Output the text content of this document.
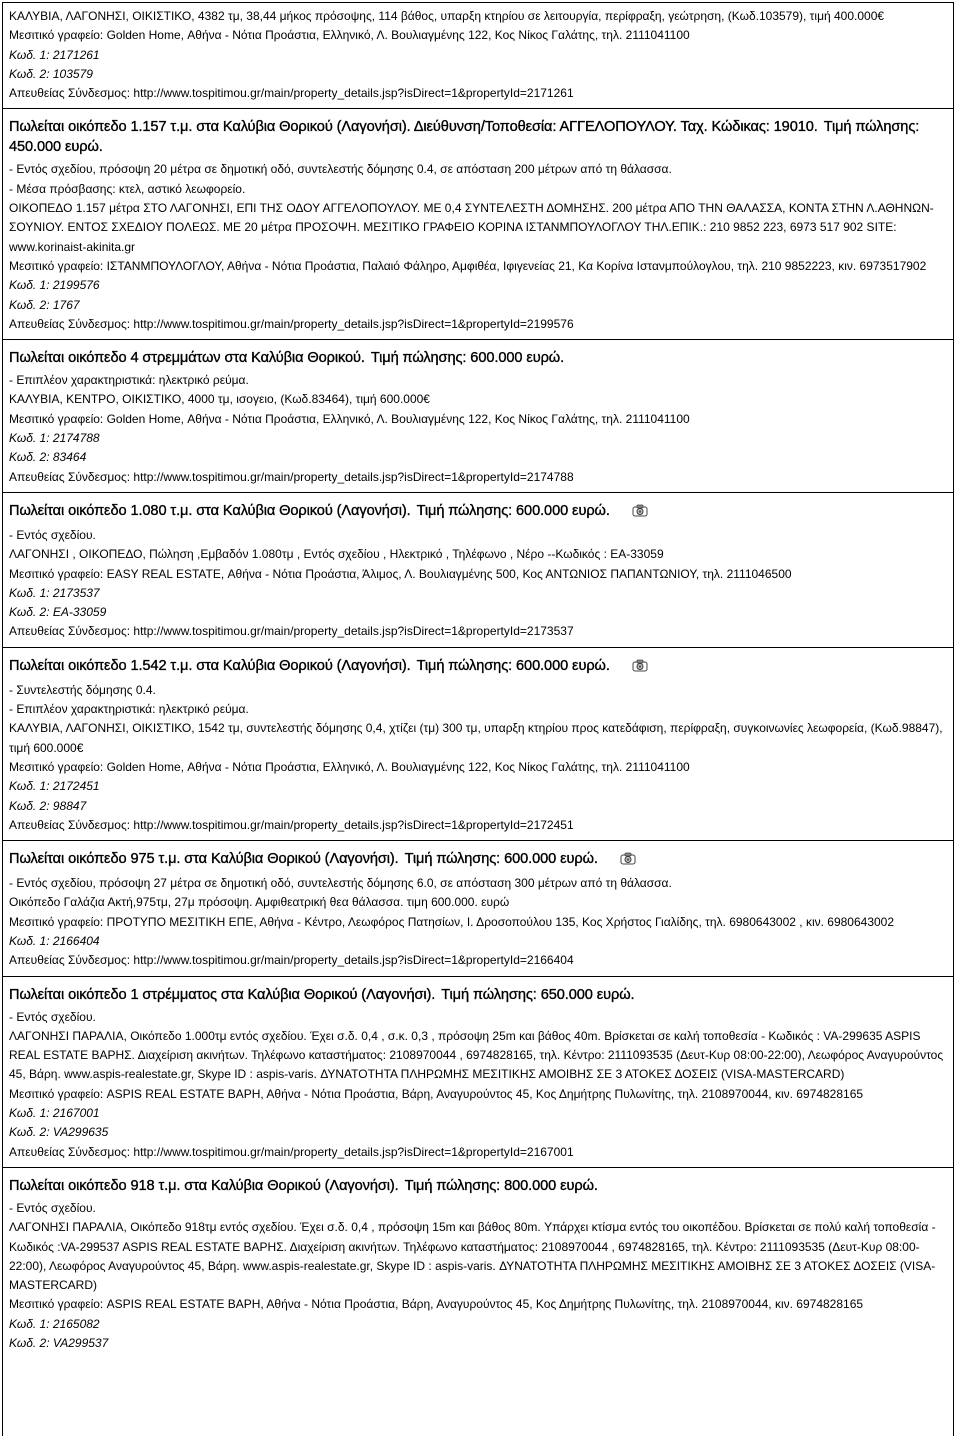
ΚΑΛΥΒΙΑ, ΛΑΓΟΝΗΣΙ, ΟΙΚΙΣΤΙΚΟ, 4382 τμ, 38,44 μήκος πρόσοψης, 114 βάθος, υπαρξη κτηρίου σε λειτουργία, περίφραξη, γεώτρηση, (Κωδ.103579), τιμή 400.000€
Μεσιτικό γραφείο: Golden Home, Αθήνα - Νότια Προάστια, Ελληνικό, Λ. Βουλιαγμένης 122, Κος Νίκος Γαλάτης, τηλ. 2111041100
Κωδ. 1: 2171261
Κωδ. 2: 103579
Απευθείας Σύνδεσμος: http://www.tospitimou.gr/main/property_details.jsp?isDirect=1&propertyId=2171261
Πωλείται οικόπεδο 1.157 τ.μ. στα Καλύβια Θορικού (Λαγονήσι). Διεύθυνση/Τοποθεσία: ΑΓΓΕΛΟΠΟΥΛΟΥ. Ταχ. Κώδικας: 19010. Τιμή πώλησης: 450.000 ευρώ.
- Εντός σχεδίου, πρόσοψη 20 μέτρα σε δημοτική οδό, συντελεστής δόμησης 0.4, σε απόσταση 200 μέτρων από τη θάλασσα.
- Μέσα πρόσβασης: κτελ, αστικό λεωφορείο.
ΟΙΚΟΠΕΔΟ 1.157 μέτρα ΣΤΟ ΛΑΓΟΝΗΣΙ, ΕΠΙ ΤΗΣ ΟΔΟΥ ΑΓΓΕΛΟΠΟΥΛΟΥ. ΜΕ 0,4 ΣΥΝΤΕΛΕΣΤΗ ΔΟΜΗΣΗΣ. 200 μέτρα ΑΠΟ ΤΗΝ ΘΑΛΑΣΣΑ, ΚΟΝΤΑ ΣΤΗΝ Λ.ΑΘΗΝΩΝ-ΣΟΥΝΙΟΥ. ΕΝΤΟΣ ΣΧΕΔΙΟΥ ΠΟΛΕΩΣ. ΜΕ 20 μέτρα ΠΡΟΣΟΨΗ. ΜΕΣΙΤΙΚΟ ΓΡΑΦΕΙΟ ΚΟΡΙΝΑ ΙΣΤΑΝΜΠΟΥΛΟΓΛΟΥ ΤΗΛ.ΕΠΙΚ.: 210 9852 223, 6973 517 902 SITE: www.korinaist-akinita.gr
Μεσιτικό γραφείο: ΙΣΤΑΝΜΠΟΥΛΟΓΛΟΥ, Αθήνα - Νότια Προάστια, Παλαιό Φάληρο, Αμφιθέα, Ιφιγενείας 21, Κα Κορίνα Ιστανμπούλογλου, τηλ. 210 9852223, κιν. 6973517902
Κωδ. 1: 2199576
Κωδ. 2: 1767
Απευθείας Σύνδεσμος: http://www.tospitimou.gr/main/property_details.jsp?isDirect=1&propertyId=2199576
Πωλείται οικόπεδο 4 στρεμμάτων στα Καλύβια Θορικού. Τιμή πώλησης: 600.000 ευρώ.
- Επιπλέον χαρακτηριστικά: ηλεκτρικό ρεύμα.
ΚΑΛΥΒΙΑ, ΚΕΝΤΡΟ, ΟΙΚΙΣΤΙΚΟ, 4000 τμ, ισογειο, (Κωδ.83464), τιμή 600.000€
Μεσιτικό γραφείο: Golden Home, Αθήνα - Νότια Προάστια, Ελληνικό, Λ. Βουλιαγμένης 122, Κος Νίκος Γαλάτης, τηλ. 2111041100
Κωδ. 1: 2174788
Κωδ. 2: 83464
Απευθείας Σύνδεσμος: http://www.tospitimou.gr/main/property_details.jsp?isDirect=1&propertyId=2174788
Πωλείται οικόπεδο 1.080 τ.μ. στα Καλύβια Θορικού (Λαγονήσι). Τιμή πώλησης: 600.000 ευρώ.
- Εντός σχεδίου.
ΛΑΓΟΝΗΣΙ , ΟΙΚΟΠΕΔΟ, Πώληση ,Εμβαδόν 1.080τμ , Εντός σχεδίου , Ηλεκτρικό , Τηλέφωνο , Νέρο --Κωδικός : ΕΑ-33059
Μεσιτικό γραφείο: EASY REAL ESTATE, Αθήνα - Νότια Προάστια, Άλιμος, Λ. Βουλιαγμένης 500, Κος ΑΝΤΩΝΙΟΣ ΠΑΠΑΝΤΩΝΙΟΥ, τηλ. 2111046500
Κωδ. 1: 2173537
Κωδ. 2: ΕΑ-33059
Απευθείας Σύνδεσμος: http://www.tospitimou.gr/main/property_details.jsp?isDirect=1&propertyId=2173537
Πωλείται οικόπεδο 1.542 τ.μ. στα Καλύβια Θορικού (Λαγονήσι). Τιμή πώλησης: 600.000 ευρώ.
- Συντελεστής δόμησης 0.4.
- Επιπλέον χαρακτηριστικά: ηλεκτρικό ρεύμα.
ΚΑΛΥΒΙΑ, ΛΑΓΟΝΗΣΙ, ΟΙΚΙΣΤΙΚΟ, 1542 τμ, συντελεστής δόμησης 0,4, χτίζει (τμ) 300 τμ, υπαρξη κτηρίου προς κατεδάφιση, περίφραξη, συγκοινωνίες λεωφορεία, (Κωδ.98847), τιμή 600.000€
Μεσιτικό γραφείο: Golden Home, Αθήνα - Νότια Προάστια, Ελληνικό, Λ. Βουλιαγμένης 122, Κος Νίκος Γαλάτης, τηλ. 2111041100
Κωδ. 1: 2172451
Κωδ. 2: 98847
Απευθείας Σύνδεσμος: http://www.tospitimou.gr/main/property_details.jsp?isDirect=1&propertyId=2172451
Πωλείται οικόπεδο 975 τ.μ. στα Καλύβια Θορικού (Λαγονήσι). Τιμή πώλησης: 600.000 ευρώ.
- Εντός σχεδίου, πρόσοψη 27 μέτρα σε δημοτική οδό, συντελεστής δόμησης 6.0, σε απόσταση 300 μέτρων από τη θάλασσα.
Οικόπεδο Γαλάζια Ακτή,975τμ, 27μ πρόσοψη. Αμφιθεατρική θεα θάλασσα. τιμη 600.000. ευρώ
Μεσιτικό γραφείο: ΠΡΟΤΥΠΟ ΜΕΣΙΤΙΚΗ ΕΠΕ, Αθήνα - Κέντρο, Λεωφόρος Πατησίων, Ι. Δροσοπούλου 135, Κος Χρήστος Γιαλίδης, τηλ. 6980643002 , κιν. 6980643002
Κωδ. 1: 2166404
Απευθείας Σύνδεσμος: http://www.tospitimou.gr/main/property_details.jsp?isDirect=1&propertyId=2166404
Πωλείται οικόπεδο 1 στρέμματος στα Καλύβια Θορικού (Λαγονήσι). Τιμή πώλησης: 650.000 ευρώ.
- Εντός σχεδίου.
ΛΑΓΟΝΗΣΙ ΠΑΡΑΛΙΑ, Οικόπεδο 1.000τμ εντός σχεδίου. Έχει σ.δ. 0,4 , σ.κ. 0,3 , πρόσοψη 25m και βάθος 40m. Βρίσκεται σε καλή τοποθεσία - Κωδικός : VA-299635 ASPIS REAL ESTATE ΒΑΡΗΣ. Διαχείριση ακινήτων. Τηλέφωνο καταστήματος: 2108970044 , 6974828165, τηλ. Κέντρο: 2111093535 (Δευτ-Κυρ 08:00-22:00), Λεωφόρος Αναγυρούντος 45, Βάρη. www.aspis-realestate.gr, Skype ID : aspis-varis. ΔΥΝΑΤΟΤΗΤΑ ΠΛΗΡΩΜΗΣ ΜΕΣΙΤΙΚΗΣ ΑΜΟΙΒΗΣ ΣΕ 3 ΑΤΟΚΕΣ ΔΟΣΕΙΣ (VISA-MASTERCARD)
Μεσιτικό γραφείο: ASPIS REAL ESTATE ΒΑΡΗ, Αθήνα - Νότια Προάστια, Βάρη, Αναγυρούντος 45, Κος Δημήτρης Πυλωνίτης, τηλ. 2108970044, κιν. 6974828165
Κωδ. 1: 2167001
Κωδ. 2: VA299635
Απευθείας Σύνδεσμος: http://www.tospitimou.gr/main/property_details.jsp?isDirect=1&propertyId=2167001
Πωλείται οικόπεδο 918 τ.μ. στα Καλύβια Θορικού (Λαγονήσι). Τιμή πώλησης: 800.000 ευρώ.
- Εντός σχεδίου.
ΛΑΓΟΝΗΣΙ ΠΑΡΑΛΙΑ, Οικόπεδο 918τμ εντός σχεδίου. Έχει σ.δ. 0,4 , πρόσοψη 15m και βάθος 80m. Υπάρχει κτίσμα εντός του οικοπέδου. Βρίσκεται σε πολύ καλή τοποθεσία - Κωδικός :VA-299537 ASPIS REAL ESTATE ΒΑΡΗΣ. Διαχείριση ακινήτων. Τηλέφωνο καταστήματος: 2108970044 , 6974828165, τηλ. Κέντρο: 2111093535 (Δευτ-Κυρ 08:00-22:00), Λεωφόρος Αναγυρούντος 45, Βάρη. www.aspis-realestate.gr, Skype ID : aspis-varis. ΔΥΝΑΤΟΤΗΤΑ ΠΛΗΡΩΜΗΣ ΜΕΣΙΤΙΚΗΣ ΑΜΟΙΒΗΣ ΣΕ 3 ΑΤΟΚΕΣ ΔΟΣΕΙΣ (VISA-MASTERCARD)
Μεσιτικό γραφείο: ASPIS REAL ESTATE ΒΑΡΗ, Αθήνα - Νότια Προάστια, Βάρη, Αναγυρούντος 45, Κος Δημήτρης Πυλωνίτης, τηλ. 2108970044, κιν. 6974828165
Κωδ. 1: 2165082
Κωδ. 2: VA299537
